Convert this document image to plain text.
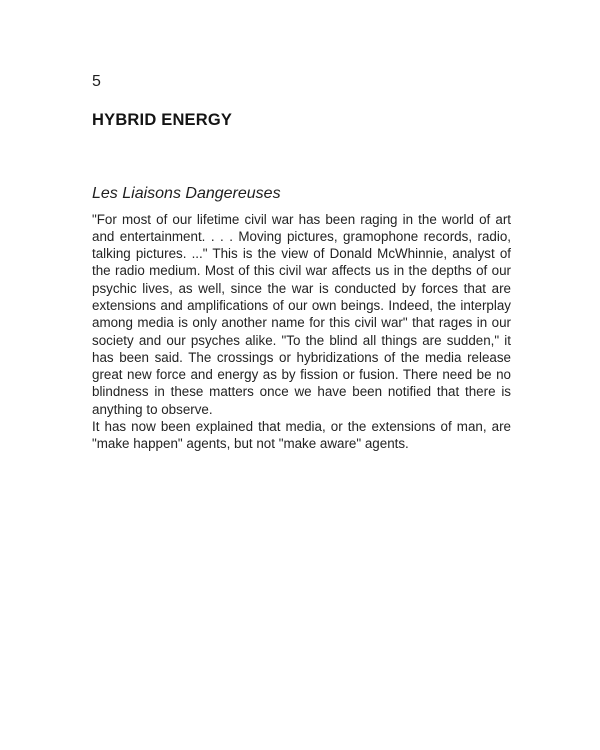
5
HYBRID ENERGY
Les Liaisons Dangereuses

"For most of our lifetime civil war has been raging in the world of art and entertainment. . . . Moving pictures, gramophone records, radio, talking pictures. ..." This is the view of Donald McWhinnie, analyst of the radio medium. Most of this civil war affects us in the depths of our psychic lives, as well, since the war is conducted by forces that are extensions and amplifications of our own beings. Indeed, the interplay among media is only another name for this civil war" that rages in our society and our psyches alike. "To the blind all things are sudden," it has been said. The crossings or hybridizations of the media release great new force and energy as by fission or fusion. There need be no blindness in these matters once we have been notified that there is anything to observe.

It has now been explained that media, or the extensions of man, are "make happen" agents, but not "make aware" agents.
